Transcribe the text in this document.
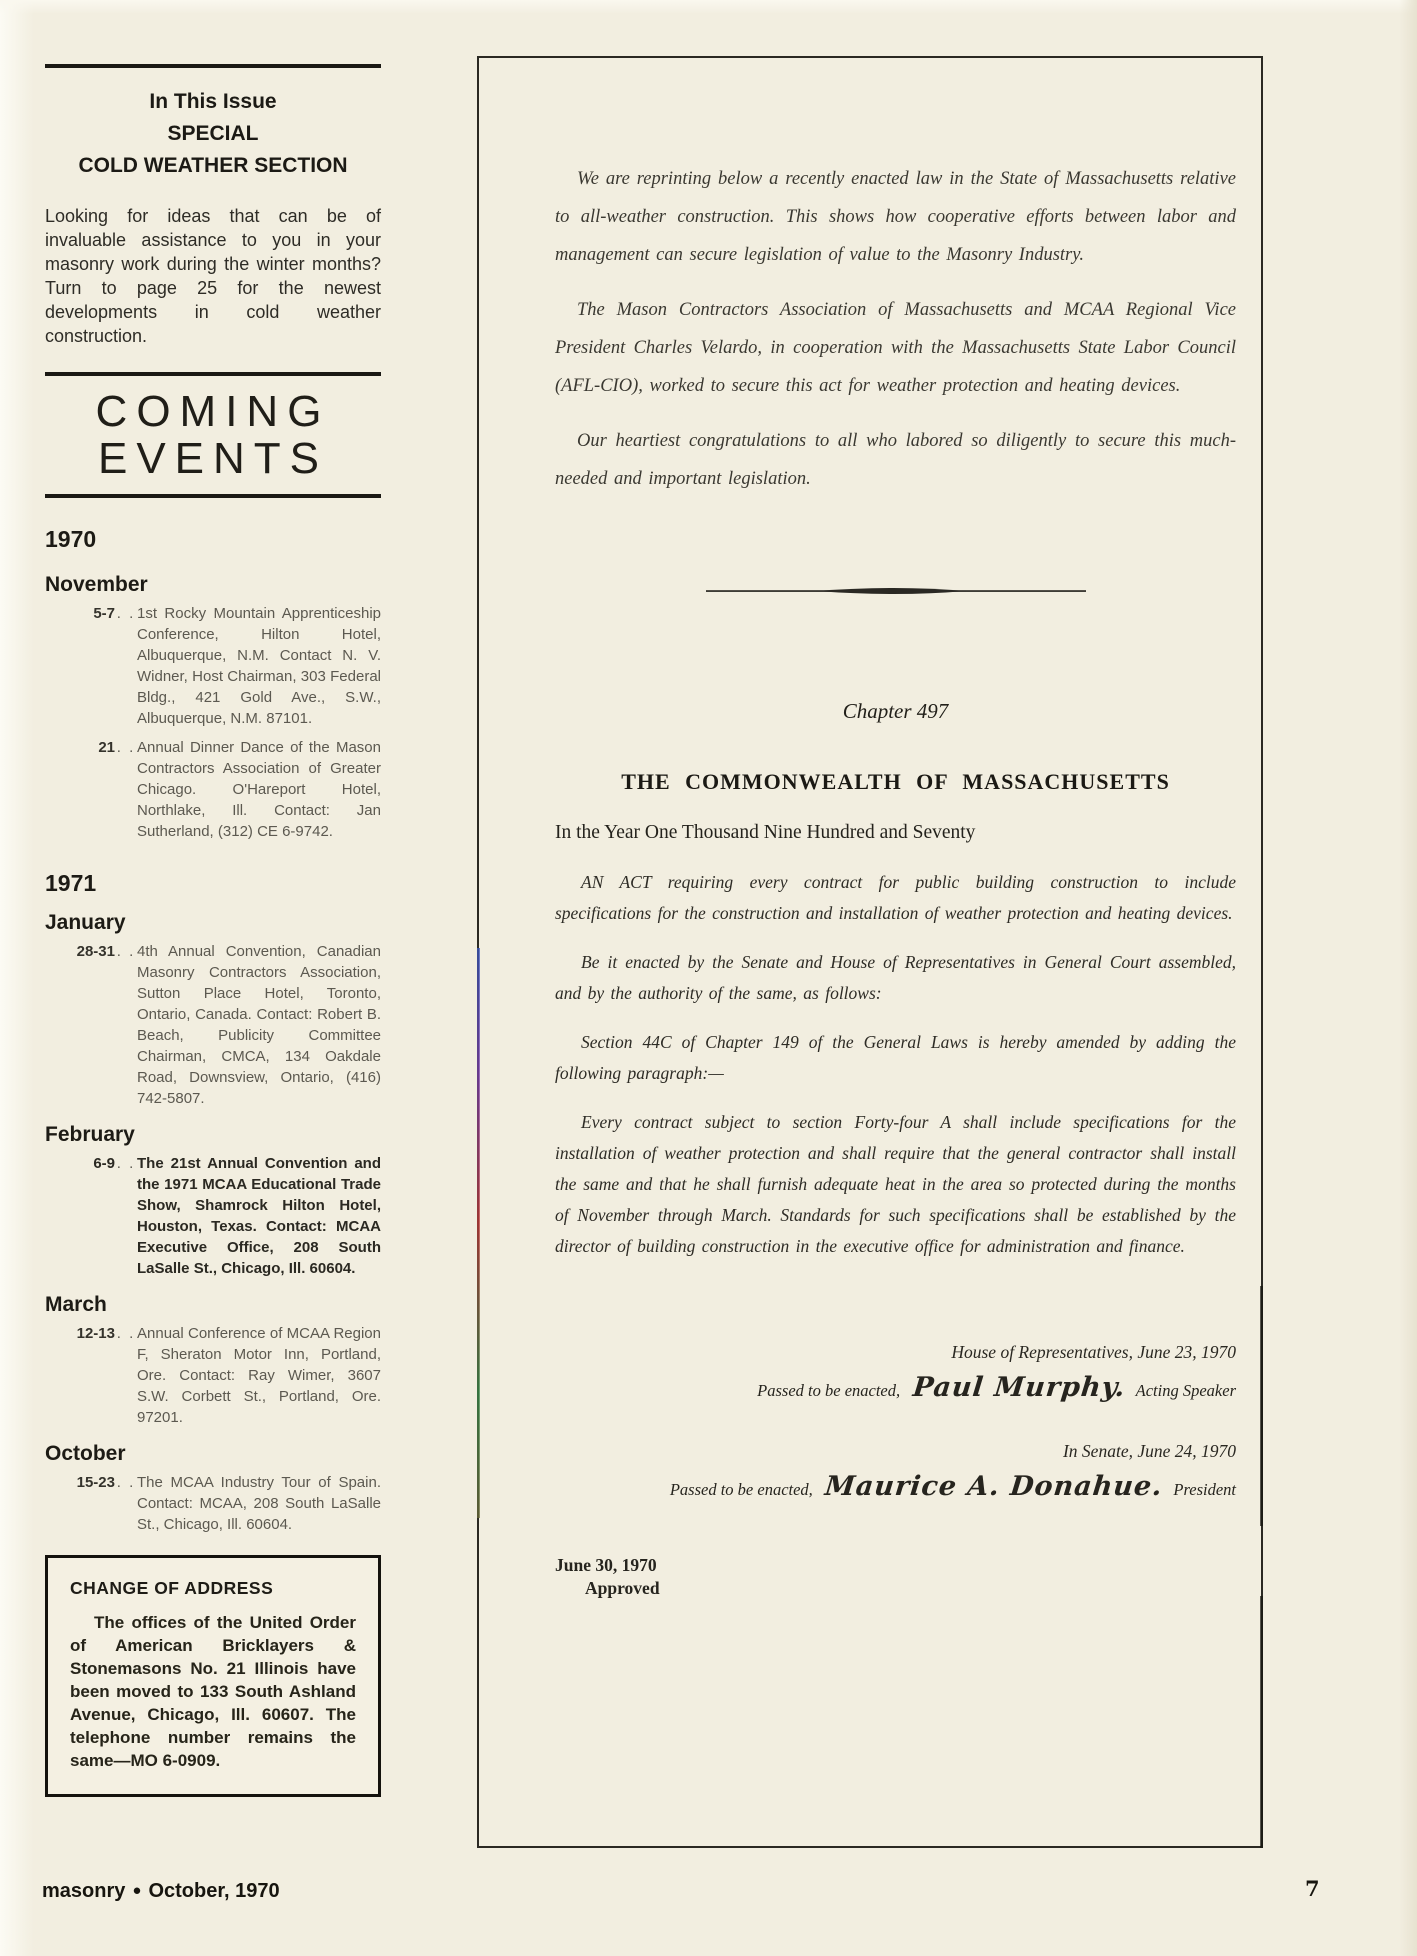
In This Issue
SPECIAL
COLD WEATHER SECTION

Looking for ideas that can be of invaluable assistance to you in your masonry work during the winter months? Turn to page 25 for the newest developments in cold weather construction.

COMING
EVENTS
1970
November
5-7 . . 1st Rocky Mountain Apprenticeship Conference, Hilton Hotel, Albuquerque, N.M. Contact N. V. Widner, Host Chairman, 303 Federal Bldg., 421 Gold Ave., S.W., Albuquerque, N.M. 87101.

21 . . Annual Dinner Dance of the Mason Contractors Association of Greater Chicago. O'Hareport Hotel, Northlake, Ill. Contact: Jan Sutherland, (312) CE 6-9742.

1971
January
28-31 . . 4th Annual Convention, Canadian Masonry Contractors Association, Sutton Place Hotel, Toronto, Ontario, Canada. Contact: Robert B. Beach, Publicity Committee Chairman, CMCA, 134 Oakdale Road, Downsview, Ontario, (416) 742-5807.

February
6-9 . . The 21st Annual Convention and the 1971 MCAA Educational Trade Show, Shamrock Hilton Hotel, Houston, Texas. Contact: MCAA Executive Office, 208 South LaSalle St., Chicago, Ill. 60604.

March
12-13 . . Annual Conference of MCAA Region F, Sheraton Motor Inn, Portland, Ore. Contact: Ray Wimer, 3607 S.W. Corbett St., Portland, Ore. 97201.

October
15-23 . . The MCAA Industry Tour of Spain. Contact: MCAA, 208 South LaSalle St., Chicago, Ill. 60604.

CHANGE OF ADDRESS

The offices of the United Order of American Bricklayers & Stonemasons No. 21 Illinois have been moved to 133 South Ashland Avenue, Chicago, Ill. 60607. The telephone number remains the same—MO 6-0909.

We are reprinting below a recently enacted law in the State of Massachusetts relative to all-weather construction. This shows how cooperative efforts between labor and management can secure legislation of value to the Masonry Industry.

The Mason Contractors Association of Massachusetts and MCAA Regional Vice President Charles Velardo, in cooperation with the Massachusetts State Labor Council (AFL-CIO), worked to secure this act for weather protection and heating devices.

Our heartiest congratulations to all who labored so diligently to secure this much-needed and important legislation.

Chapter 497
THE COMMONWEALTH OF MASSACHUSETTS
In the Year One Thousand Nine Hundred and Seventy

AN ACT requiring every contract for public building construction to include specifications for the construction and installation of weather protection and heating devices.

Be it enacted by the Senate and House of Representatives in General Court assembled, and by the authority of the same, as follows:

Section 44C of Chapter 149 of the General Laws is hereby amended by adding the following paragraph:—

Every contract subject to section Forty-four A shall include specifications for the installation of weather protection and shall require that the general contractor shall install the same and that he shall furnish adequate heat in the area so protected during the months of November through March. Standards for such specifications shall be established by the director of building construction in the executive office for administration and finance.

House of Representatives, June 23, 1970
Passed to be enacted, Paul Murphy. Acting Speaker
In Senate, June 24, 1970
Passed to be enacted, Maurice A. Donahue. President
June 30, 1970
Approved
masonry ● October, 1970	7
